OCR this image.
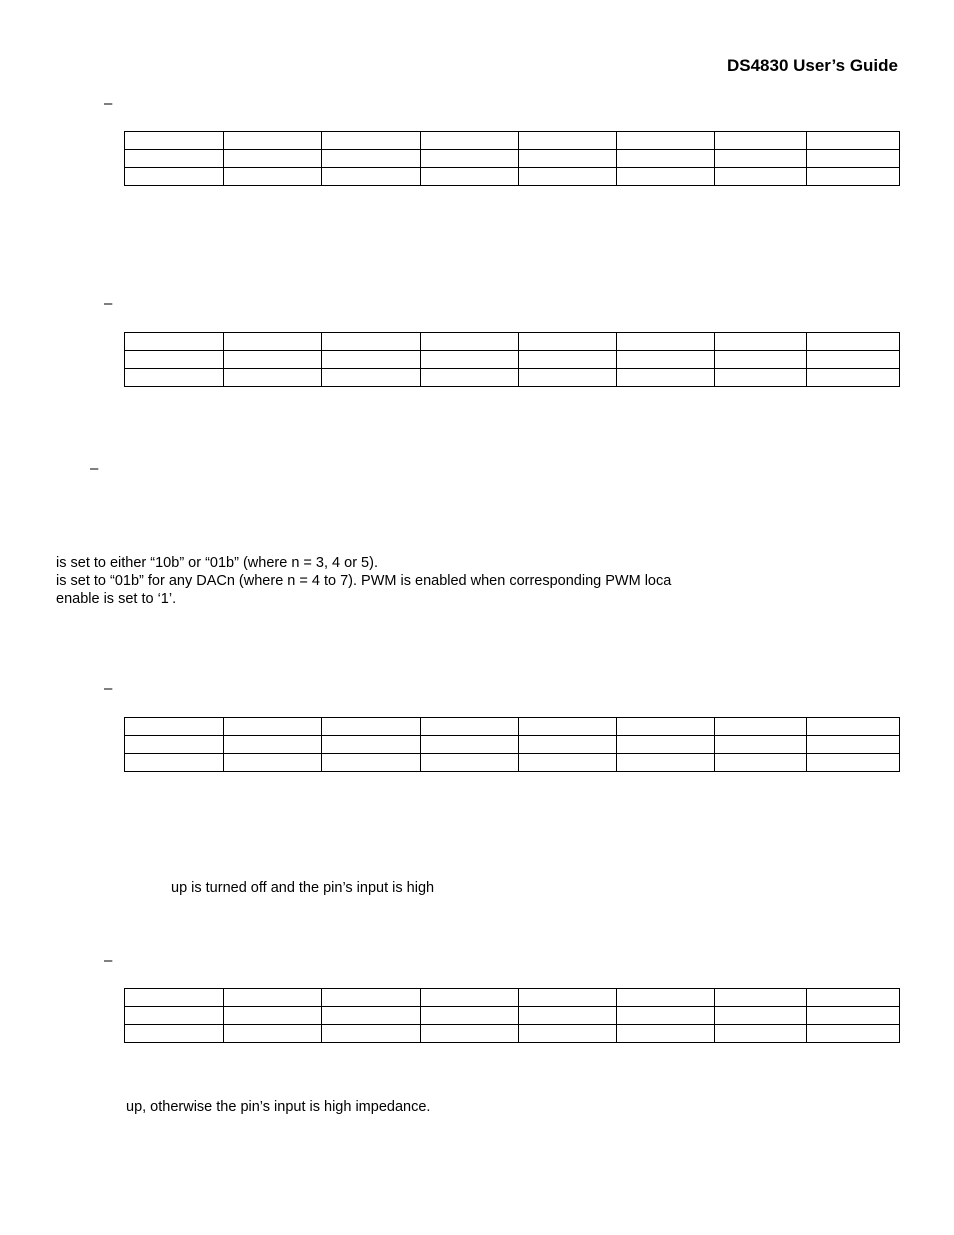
DS4830 User’s Guide
–

–

–
is set to either “10b” or “01b” (where n = 3, 4 or 5).
is set to “01b” for any DACn (where n = 4 to 7). PWM is enabled when corresponding PWM loca
enable is set to ‘1’.
–

up is turned off and the pin’s input is high
–

up, otherwise the pin’s input is high impedance.
